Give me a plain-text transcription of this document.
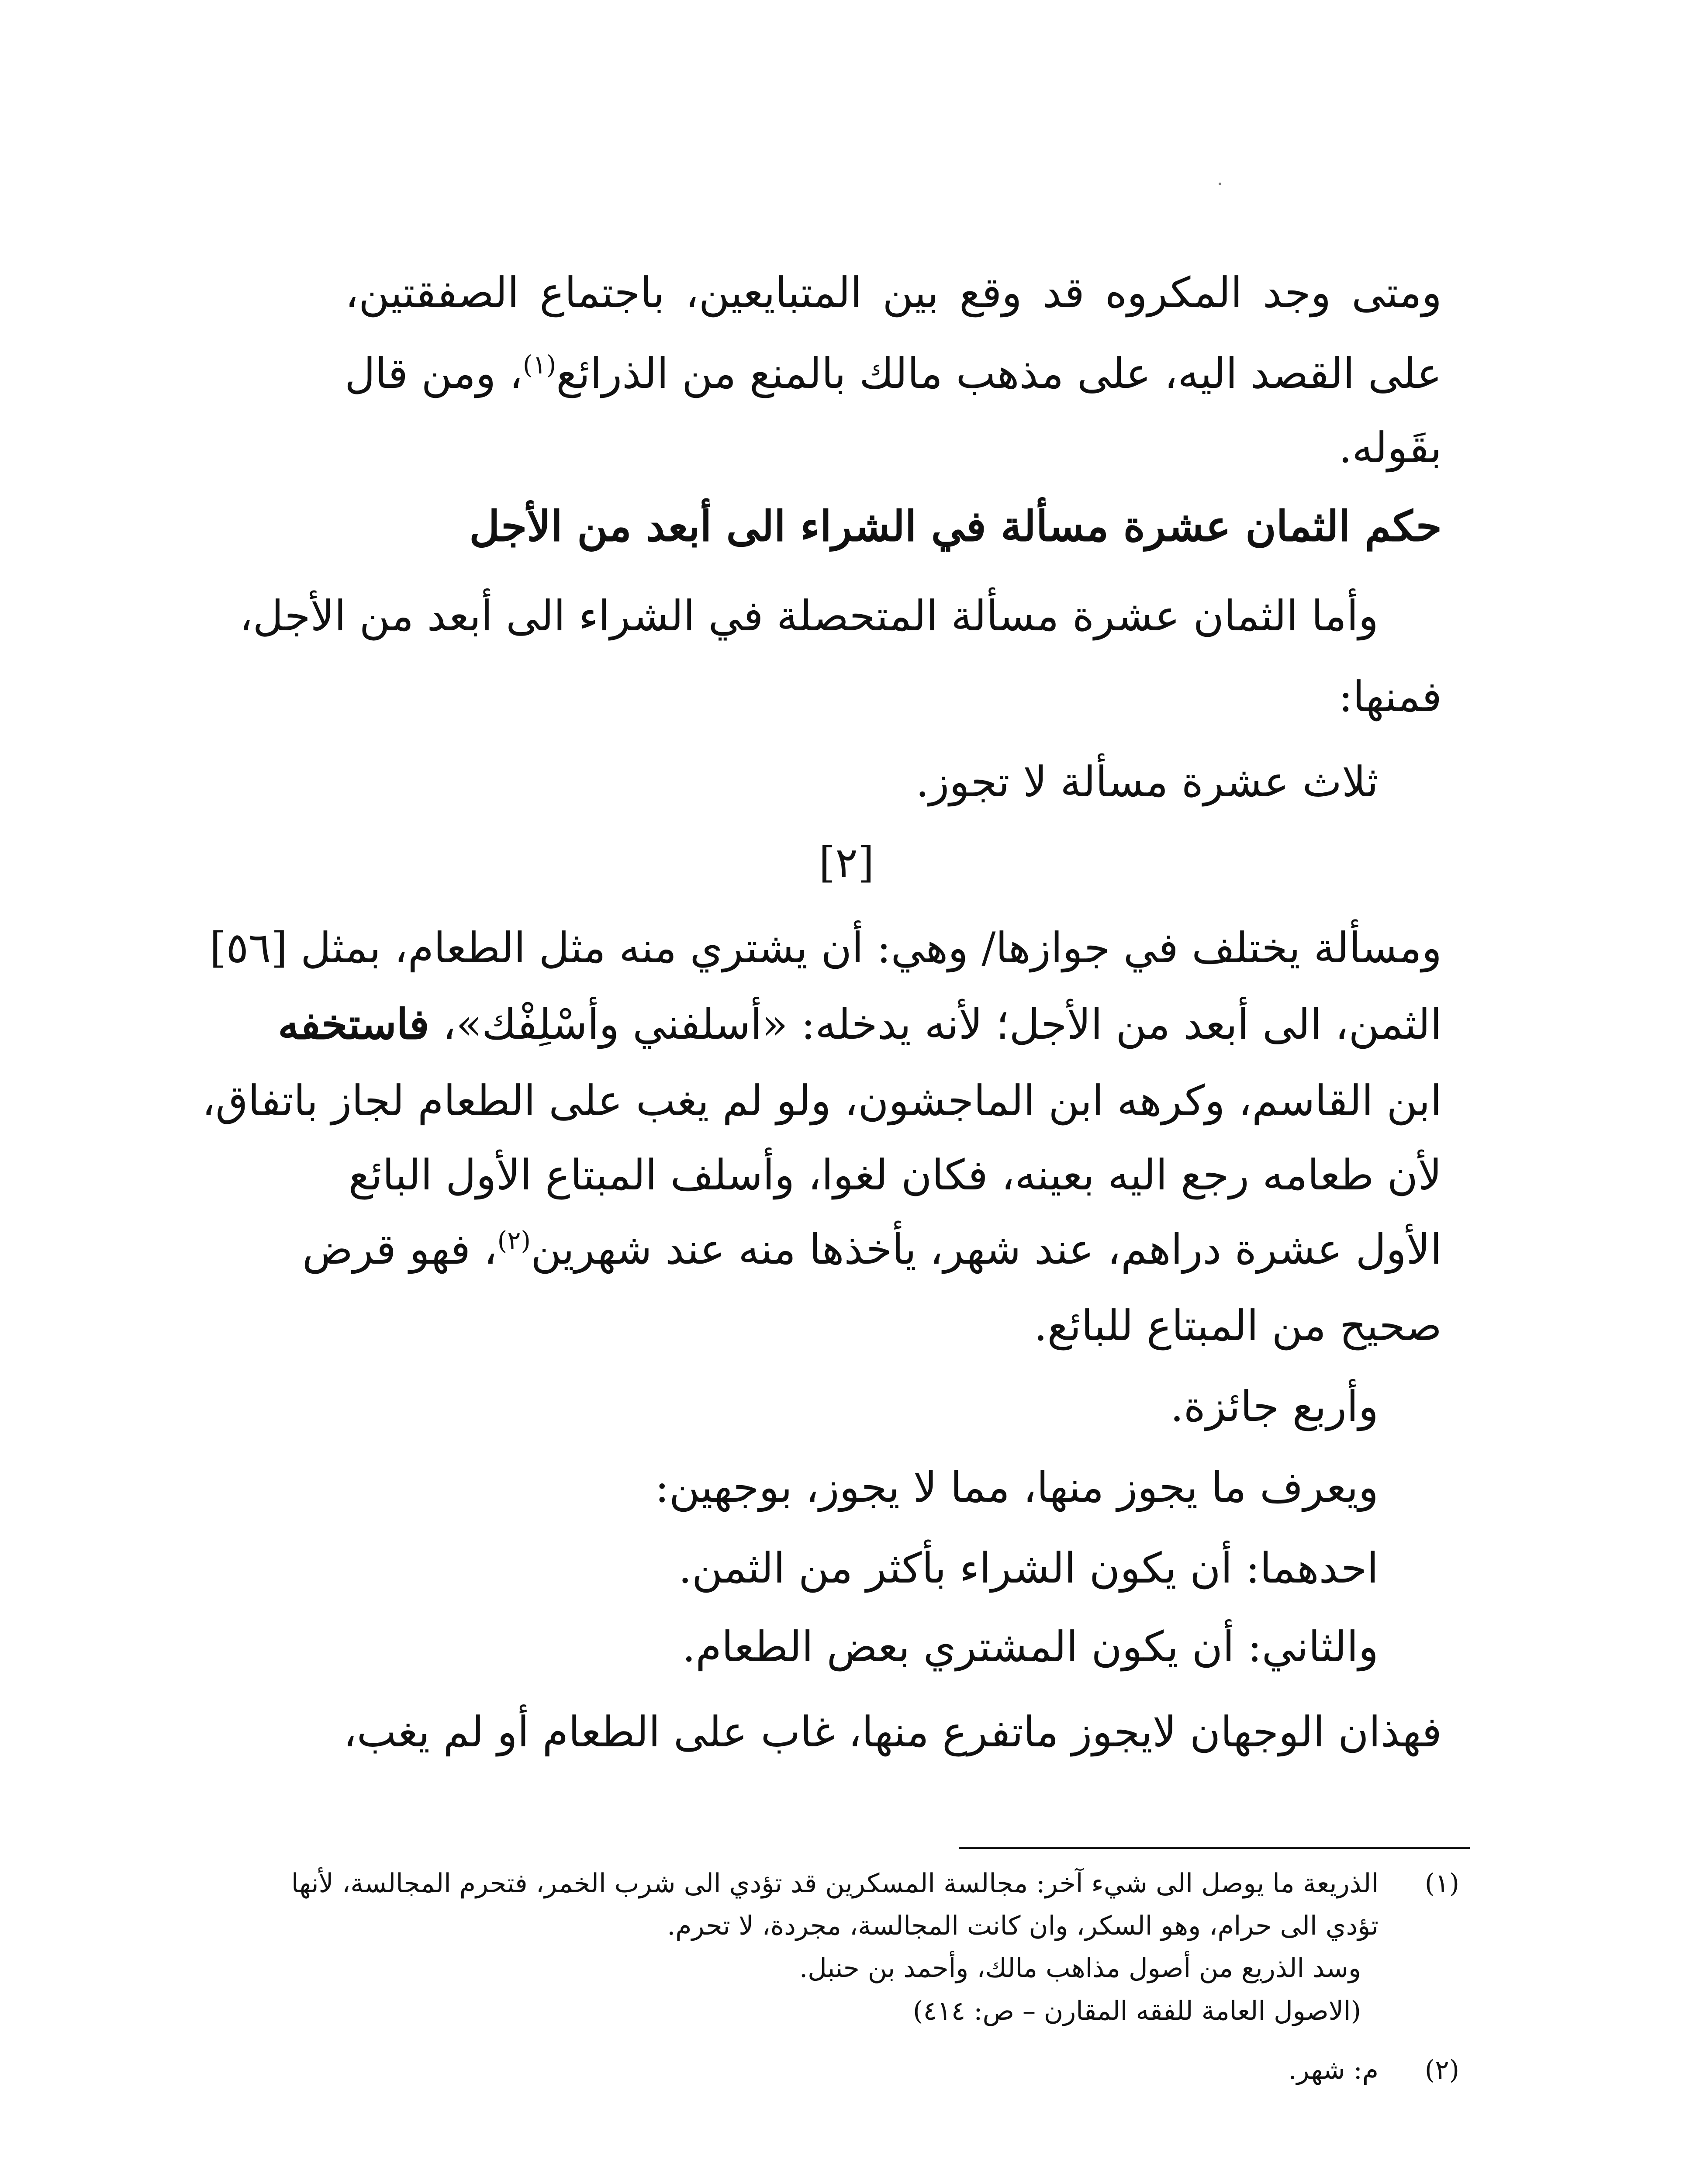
ومتى وجد المكروه قد وقع بين المتبايعين، باجتماع الصفقتين،
على القصد اليه، على مذهب مالك بالمنع من الذرائع$^{(١)}$، ومن قال
بقَوله.
حكم الثمان عشرة مسألة في الشراء الى أبعد من الأجل
وأما الثمان عشرة مسألة المتحصلة في الشراء الى أبعد من الأجل،
فمنها:
ثلاث عشرة مسألة لا تجوز.
[٢]
[٥٦] ومسألة يختلف في جوازها/ وهي: أن يشتري منه مثل الطعام، بمثل
الثمن، الى أبعد من الأجل؛ لأنه يدخله: «أسلفني وأسْلِفْك»، فاستخفه
ابن القاسم، وكرهه ابن الماجشون، ولو لم يغب على الطعام لجاز باتفاق،
لأن طعامه رجع اليه بعينه، فكان لغوا، وأسلف المبتاع الأول البائع
الأول عشرة دراهم، عند شهر، يأخذها منه عند شهرين$^{(٢)}$، فهو قرض
صحيح من المبتاع للبائع.
وأربع جائزة.
ويعرف ما يجوز منها، مما لا يجوز، بوجهين:
احدهما: أن يكون الشراء بأكثر من الثمن.
والثاني: أن يكون المشتري بعض الطعام.
فهذان الوجهان لايجوز ماتفرع منها، غاب على الطعام أو لم يغب،
(١)
الذريعة ما يوصل الى شيء آخر: مجالسة المسكرين قد تؤدي الى شرب الخمر، فتحرم المجالسة، لأنها
تؤدي الى حرام، وهو السكر، وان كانت المجالسة، مجردة، لا تحرم.
وسد الذريع من أصول مذاهب مالك، وأحمد بن حنبل.
(الاصول العامة للفقه المقارن – ص: ٤١٤)
(٢)
م: شهر.
